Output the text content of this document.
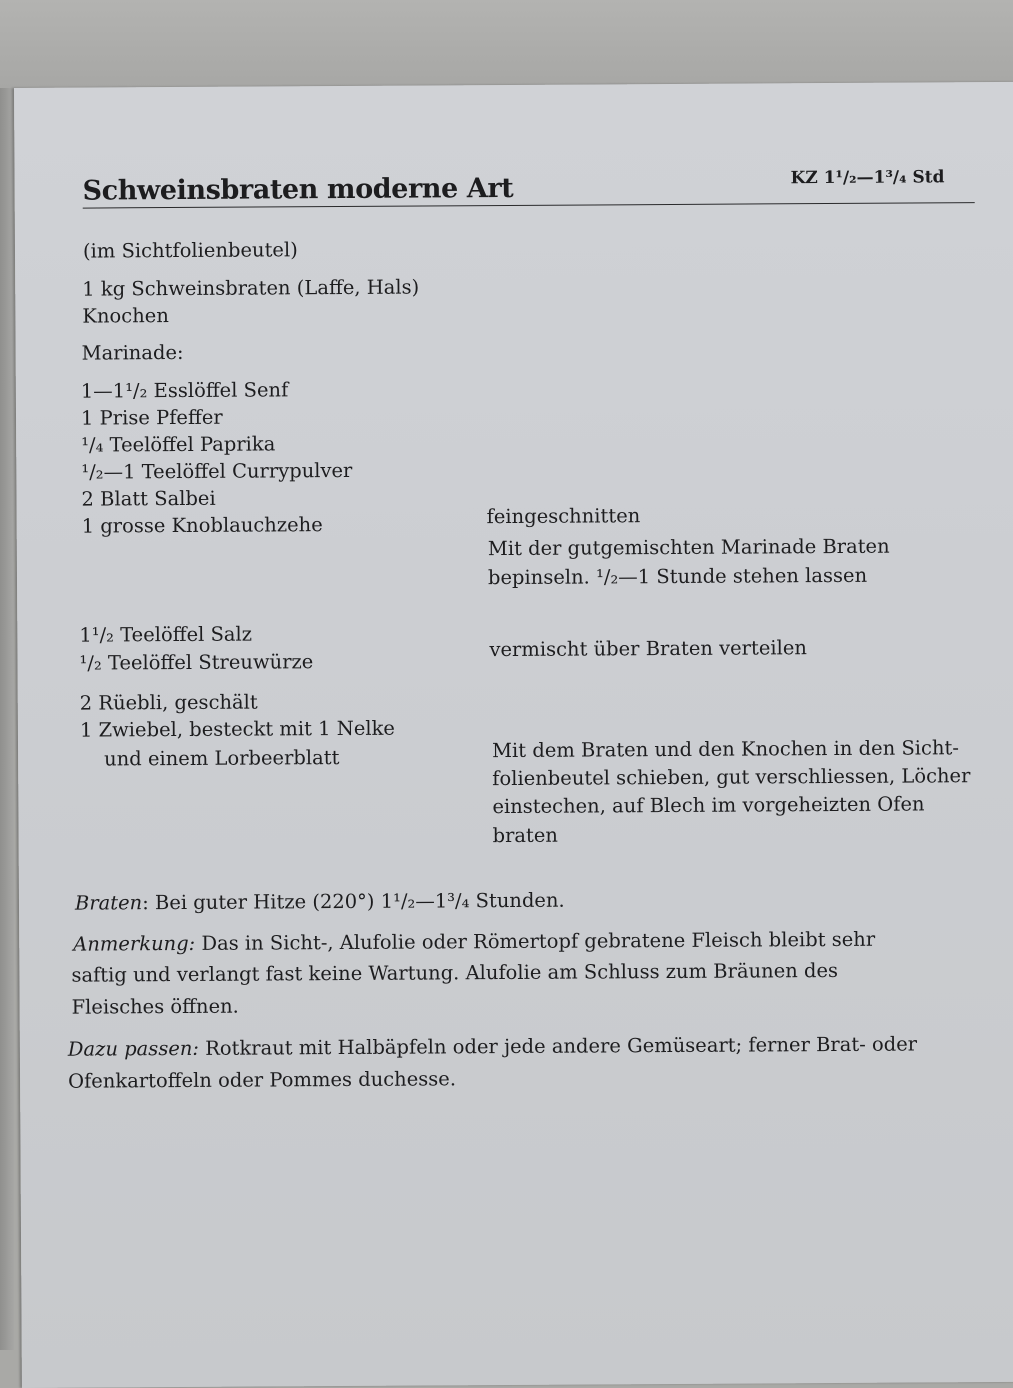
Schweinsbraten moderne Art	KZ 1¹/₂—1³/₄ Std
(im Sichtfolienbeutel)
1 kg Schweinsbraten (Laffe, Hals)
Knochen
Marinade:
1—1¹/₂ Esslöffel Senf
1 Prise Pfeffer
¹/₄ Teelöffel Paprika
¹/₂—1 Teelöffel Currypulver
2 Blatt Salbei
1 grosse Knoblauchzehe	feingeschnitten
Mit der gutgemischten Marinade Braten
bepinseln. ¹/₂—1 Stunde stehen lassen
1¹/₂ Teelöffel Salz
¹/₂ Teelöffel Streuwürze
vermischt über Braten verteilen
2 Rüebli, geschält
1 Zwiebel, besteckt mit 1 Nelke
und einem Lorbeerblatt	Mit dem Braten und den Knochen in den Sicht-
folienbeutel schieben, gut verschliessen, Löcher
einstechen, auf Blech im vorgeheizten Ofen
braten
Braten: Bei guter Hitze (220°) 1¹/₂—1³/₄ Stunden.
Anmerkung: Das in Sicht-, Alufolie oder Römertopf gebratene Fleisch bleibt sehr
saftig und verlangt fast keine Wartung. Alufolie am Schluss zum Bräunen des
Fleisches öffnen.
Dazu passen: Rotkraut mit Halbäpfeln oder jede andere Gemüseart; ferner Brat- oder
Ofenkartoffeln oder Pommes duchesse.
